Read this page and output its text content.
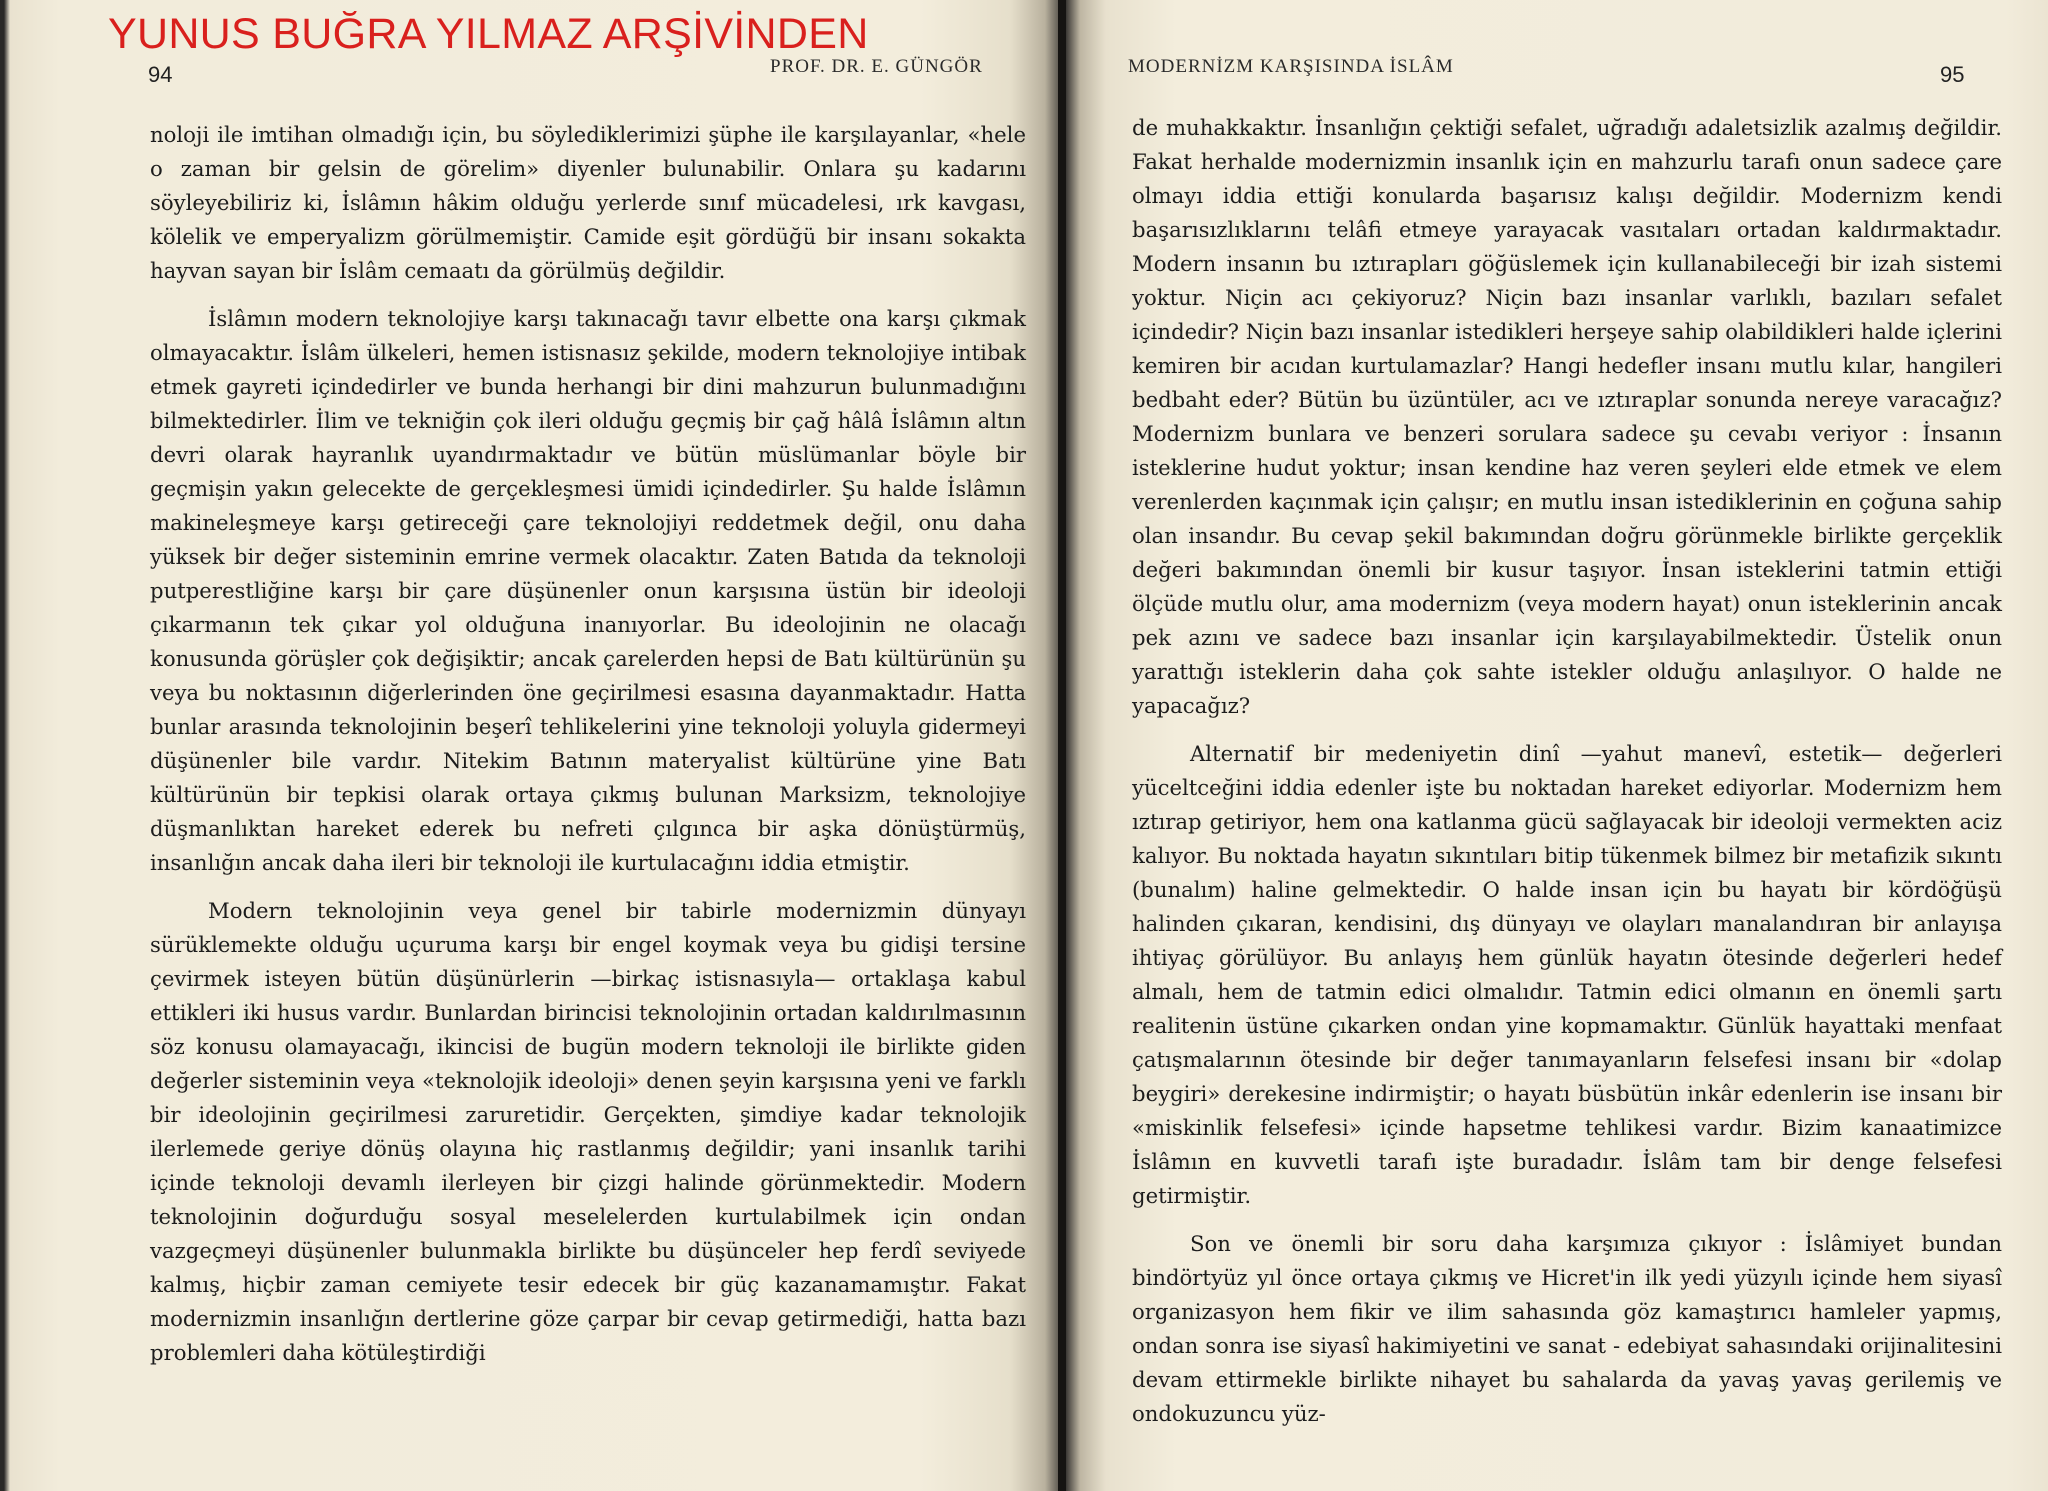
YUNUS BUĞRA YILMAZ ARŞİVİNDEN
94	PROF. DR. E. GÜNGÖR

noloji ile imtihan olmadığı için, bu söylediklerimizi şüphe ile karşılayanlar, «hele o zaman bir gelsin de görelim» diyenler bulunabilir. Onlara şu kadarını söyleyebiliriz ki, İslâmın hâkim olduğu yerlerde sınıf mücadelesi, ırk kavgası, kölelik ve emperyalizm görülmemiştir. Camide eşit gördüğü bir insanı sokakta hayvan sayan bir İslâm cemaatı da görülmüş değildir.

İslâmın modern teknolojiye karşı takınacağı tavır elbette ona karşı çıkmak olmayacaktır. İslâm ülkeleri, hemen istisnasız şekilde, modern teknolojiye intibak etmek gayreti içindedirler ve bunda herhangi bir dini mahzurun bulunmadığını bilmektedirler. İlim ve tekniğin çok ileri olduğu geçmiş bir çağ hâlâ İslâmın altın devri olarak hayranlık uyandırmaktadır ve bütün müslümanlar böyle bir geçmişin yakın gelecekte de gerçekleşmesi ümidi içindedirler. Şu halde İslâmın makineleşmeye karşı getireceği çare teknolojiyi reddetmek değil, onu daha yüksek bir değer sisteminin emrine vermek olacaktır. Zaten Batıda da teknoloji putperestliğine karşı bir çare düşünenler onun karşısına üstün bir ideoloji çıkarmanın tek çıkar yol olduğuna inanıyorlar. Bu ideolojinin ne olacağı konusunda görüşler çok değişiktir; ancak çarelerden hepsi de Batı kültürünün şu veya bu noktasının diğerlerinden öne geçirilmesi esasına dayanmaktadır. Hatta bunlar arasında teknolojinin beşerî tehlikelerini yine teknoloji yoluyla gidermeyi düşünenler bile vardır. Nitekim Batının materyalist kültürüne yine Batı kültürünün bir tepkisi olarak ortaya çıkmış bulunan Marksizm, teknolojiye düşmanlıktan hareket ederek bu nefreti çılgınca bir aşka dönüştürmüş, insanlığın ancak daha ileri bir teknoloji ile kurtulacağını iddia etmiştir.

Modern teknolojinin veya genel bir tabirle modernizmin dünyayı sürüklemekte olduğu uçuruma karşı bir engel koymak veya bu gidişi tersine çevirmek isteyen bütün düşünürlerin —birkaç istisnasıyla— ortaklaşa kabul ettikleri iki husus vardır. Bunlardan birincisi teknolojinin ortadan kaldırılmasının söz konusu olamayacağı, ikincisi de bugün modern teknoloji ile birlikte giden değerler sisteminin veya «teknolojik ideoloji» denen şeyin karşısına yeni ve farklı bir ideolojinin geçirilmesi zaruretidir. Gerçekten, şimdiye kadar teknolojik ilerlemede geriye dönüş olayına hiç rastlanmış değildir; yani insanlık tarihi içinde teknoloji devamlı ilerleyen bir çizgi halinde görünmektedir. Modern teknolojinin doğurduğu sosyal meselelerden kurtulabilmek için ondan vazgeçmeyi düşünenler bulunmakla birlikte bu düşünceler hep ferdî seviyede kalmış, hiçbir zaman cemiyete tesir edecek bir güç kazanamamıştır. Fakat modernizmin insanlığın dertlerine göze çarpar bir cevap getirmediği, hatta bazı problemleri daha kötüleştirdiği

MODERNİZM KARŞISINDA İSLÂM	95

de muhakkaktır. İnsanlığın çektiği sefalet, uğradığı adaletsizlik azalmış değildir. Fakat herhalde modernizmin insanlık için en mahzurlu tarafı onun sadece çare olmayı iddia ettiği konularda başarısız kalışı değildir. Modernizm kendi başarısızlıklarını telâfi etmeye yarayacak vasıtaları ortadan kaldırmaktadır. Modern insanın bu ıztırapları göğüslemek için kullanabileceği bir izah sistemi yoktur. Niçin acı çekiyoruz? Niçin bazı insanlar varlıklı, bazıları sefalet içindedir? Niçin bazı insanlar istedikleri herşeye sahip olabildikleri halde içlerini kemiren bir acıdan kurtulamazlar? Hangi hedefler insanı mutlu kılar, hangileri bedbaht eder? Bütün bu üzüntüler, acı ve ıztıraplar sonunda nereye varacağız? Modernizm bunlara ve benzeri sorulara sadece şu cevabı veriyor : İnsanın isteklerine hudut yoktur; insan kendine haz veren şeyleri elde etmek ve elem verenlerden kaçınmak için çalışır; en mutlu insan istediklerinin en çoğuna sahip olan insandır. Bu cevap şekil bakımından doğru görünmekle birlikte gerçeklik değeri bakımından önemli bir kusur taşıyor. İnsan isteklerini tatmin ettiği ölçüde mutlu olur, ama modernizm (veya modern hayat) onun isteklerinin ancak pek azını ve sadece bazı insanlar için karşılayabilmektedir. Üstelik onun yarattığı isteklerin daha çok sahte istekler olduğu anlaşılıyor. O halde ne yapacağız?

Alternatif bir medeniyetin dinî —yahut manevî, estetik— değerleri yüceltceğini iddia edenler işte bu noktadan hareket ediyorlar. Modernizm hem ıztırap getiriyor, hem ona katlanma gücü sağlayacak bir ideoloji vermekten aciz kalıyor. Bu noktada hayatın sıkıntıları bitip tükenmek bilmez bir metafizik sıkıntı (bunalım) haline gelmektedir. O halde insan için bu hayatı bir kördöğüşü halinden çıkaran, kendisini, dış dünyayı ve olayları manalandıran bir anlayışa ihtiyaç görülüyor. Bu anlayış hem günlük hayatın ötesinde değerleri hedef almalı, hem de tatmin edici olmalıdır. Tatmin edici olmanın en önemli şartı realitenin üstüne çıkarken ondan yine kopmamaktır. Günlük hayattaki menfaat çatışmalarının ötesinde bir değer tanımayanların felsefesi insanı bir «dolap beygiri» derekesine indirmiştir; o hayatı büsbütün inkâr edenlerin ise insanı bir «miskinlik felsefesi» içinde hapsetme tehlikesi vardır. Bizim kanaatimizce İslâmın en kuvvetli tarafı işte buradadır. İslâm tam bir denge felsefesi getirmiştir.

Son ve önemli bir soru daha karşımıza çıkıyor : İslâmiyet bundan bindörtyüz yıl önce ortaya çıkmış ve Hicret'in ilk yedi yüzyılı içinde hem siyasî organizasyon hem fikir ve ilim sahasında göz kamaştırıcı hamleler yapmış, ondan sonra ise siyasî hakimiyetini ve sanat - edebiyat sahasındaki orijinalitesini devam ettirmekle birlikte nihayet bu sahalarda da yavaş yavaş gerilemiş ve ondokuzuncu yüz-
